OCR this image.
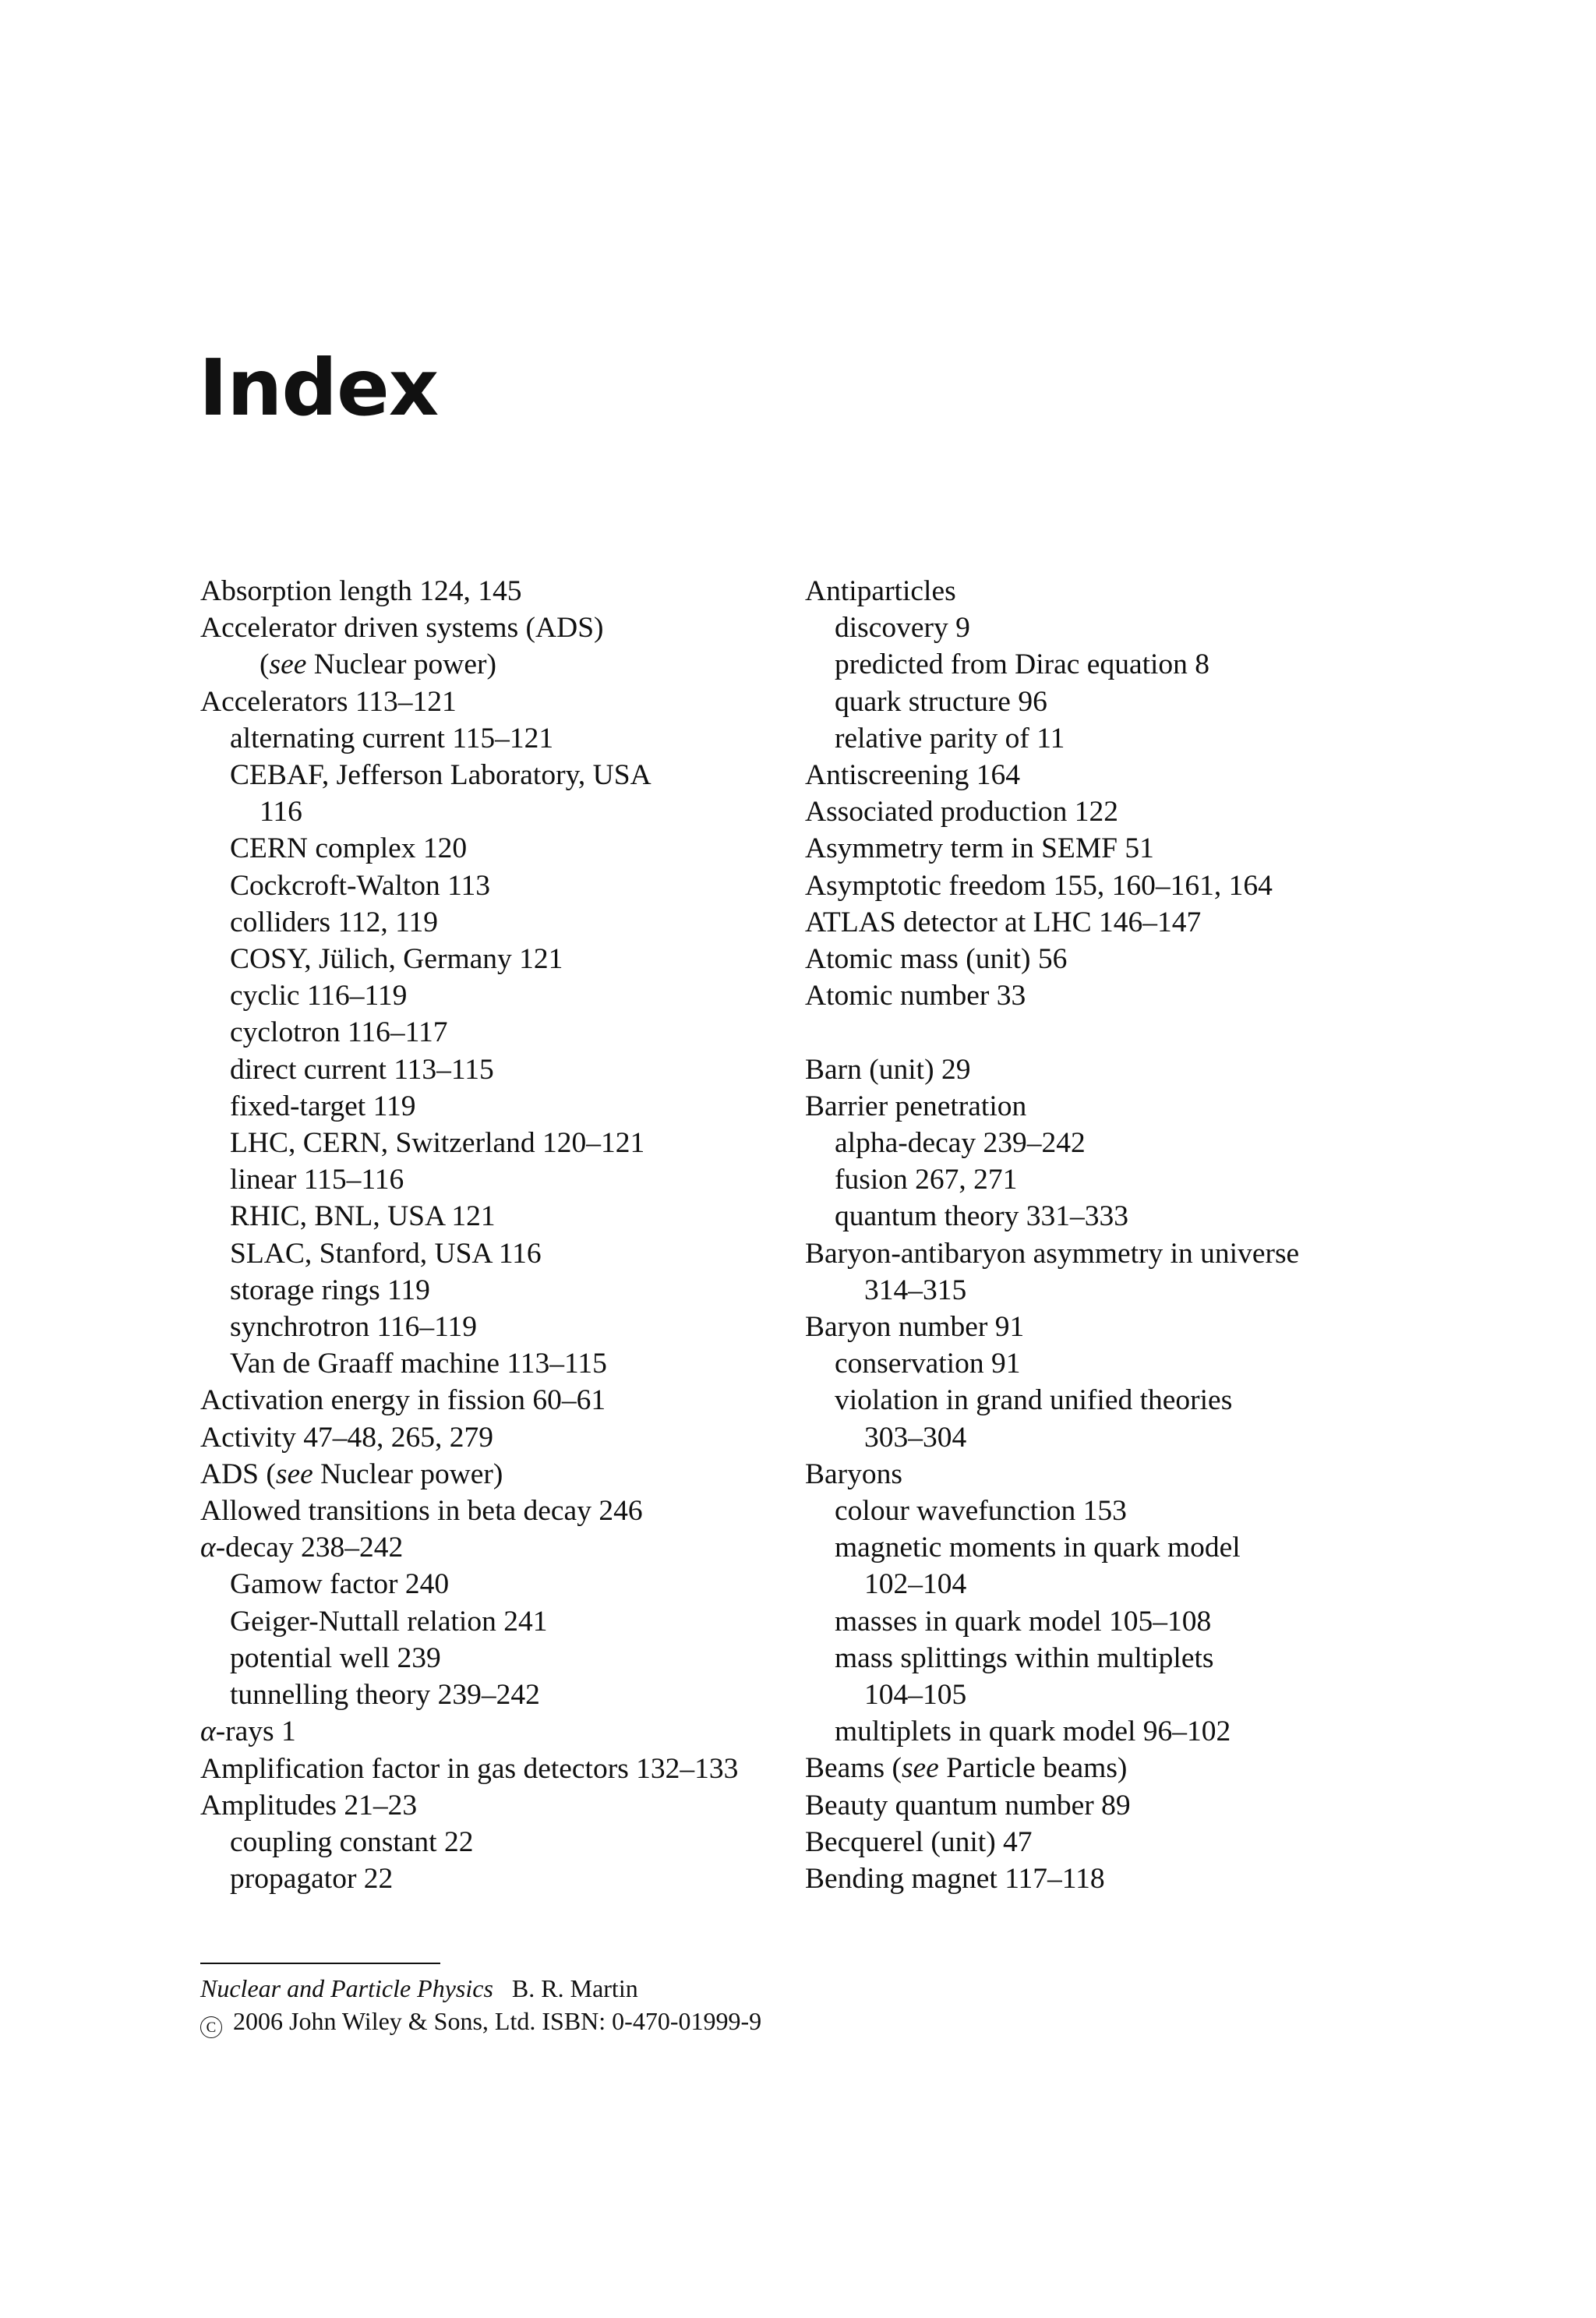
Index

Absorption length 124, 145

Accelerator driven systems (ADS)

(see Nuclear power)

Accelerators 113–121

alternating current 115–121

CEBAF, Jefferson Laboratory, USA

116

CERN complex 120

Cockcroft-Walton 113

colliders 112, 119

COSY, Jülich, Germany 121

cyclic 116–119

cyclotron 116–117

direct current 113–115

fixed-target 119

LHC, CERN, Switzerland 120–121

linear 115–116

RHIC, BNL, USA 121

SLAC, Stanford, USA 116

storage rings 119

synchrotron 116–119

Van de Graaff machine 113–115

Activation energy in fission 60–61

Activity 47–48, 265, 279

ADS (see Nuclear power)

Allowed transitions in beta decay 246

α-decay 238–242

Gamow factor 240

Geiger-Nuttall relation 241

potential well 239

tunnelling theory 239–242

α-rays 1

Amplification factor in gas detectors 132–133

Amplitudes 21–23

coupling constant 22

propagator 22

Antiparticles

discovery 9

predicted from Dirac equation 8

quark structure 96

relative parity of 11

Antiscreening 164

Associated production 122

Asymmetry term in SEMF 51

Asymptotic freedom 155, 160–161, 164

ATLAS detector at LHC 146–147

Atomic mass (unit) 56

Atomic number 33

Barn (unit) 29

Barrier penetration

alpha-decay 239–242

fusion 267, 271

quantum theory 331–333

Baryon-antibaryon asymmetry in universe

314–315

Baryon number 91

conservation 91

violation in grand unified theories

303–304

Baryons

colour wavefunction 153

magnetic moments in quark model

102–104

masses in quark model 105–108

mass splittings within multiplets

104–105

multiplets in quark model 96–102

Beams (see Particle beams)

Beauty quantum number 89

Becquerel (unit) 47

Bending magnet 117–118

Nuclear and Particle Physics B. R. Martin
C 2006 John Wiley & Sons, Ltd. ISBN: 0-470-01999-9
